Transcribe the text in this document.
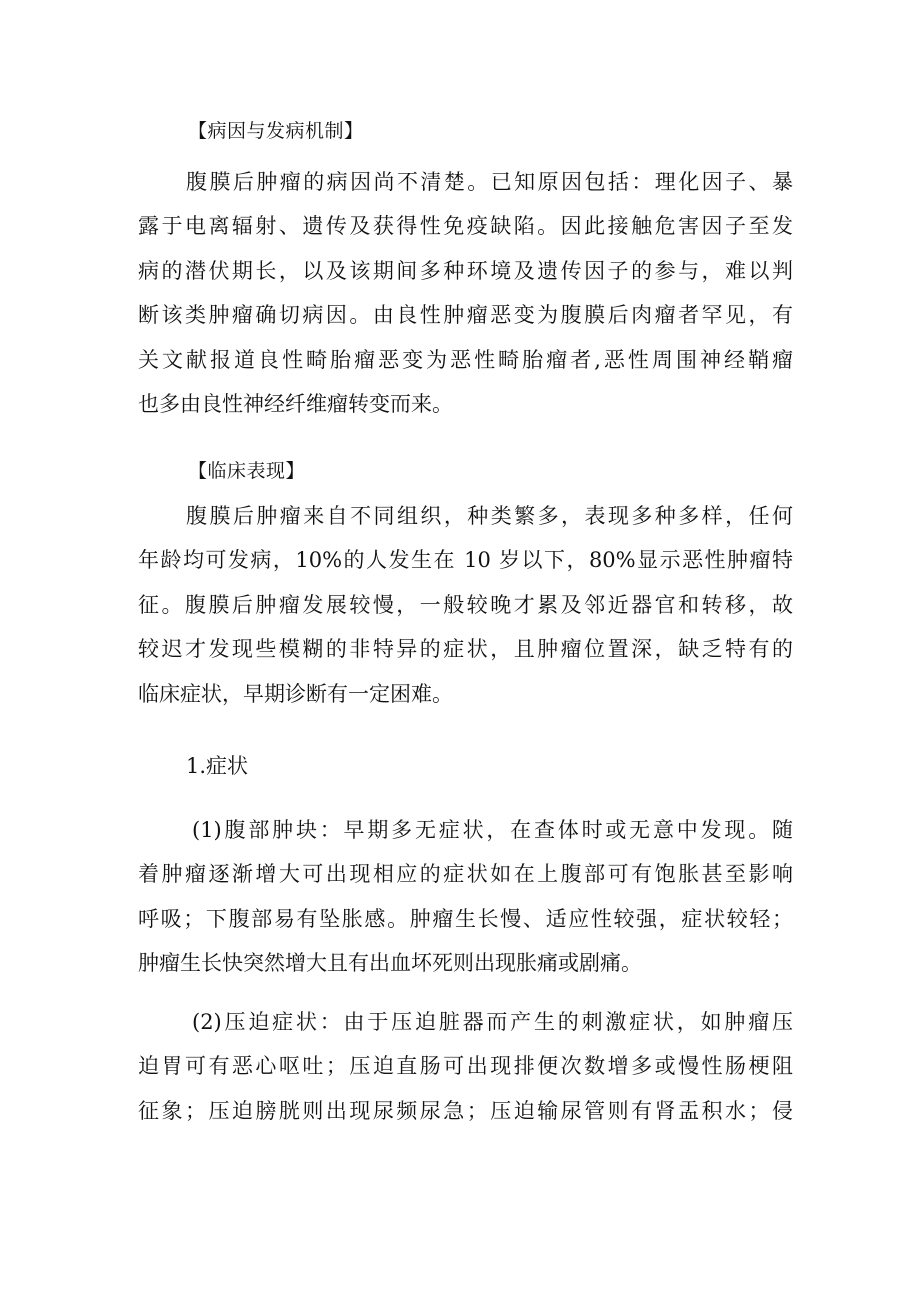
【病因与发病机制】
腹膜后肿瘤的病因尚不清楚。已知原因包括：理化因子、暴
露于电离辐射、遗传及获得性免疫缺陷。因此接触危害因子至发
病的潜伏期长，以及该期间多种环境及遗传因子的参与，难以判
断该类肿瘤确切病因。由良性肿瘤恶变为腹膜后肉瘤者罕见，有
关文献报道良性畸胎瘤恶变为恶性畸胎瘤者,恶性周围神经鞘瘤
也多由良性神经纤维瘤转变而来。
【临床表现】
腹膜后肿瘤来自不同组织，种类繁多，表现多种多样，任何
年龄均可发病，10%的人发生在 10 岁以下，80%显示恶性肿瘤特
征。腹膜后肿瘤发展较慢，一般较晚才累及邻近器官和转移，故
较迟才发现些模糊的非特异的症状，且肿瘤位置深，缺乏特有的
临床症状，早期诊断有一定困难。
1.症状
(1)腹部肿块：早期多无症状，在查体时或无意中发现。随
着肿瘤逐渐增大可出现相应的症状如在上腹部可有饱胀甚至影响
呼吸；下腹部易有坠胀感。肿瘤生长慢、适应性较强，症状较轻；
肿瘤生长快突然增大且有出血坏死则出现胀痛或剧痛。
(2)压迫症状：由于压迫脏器而产生的刺激症状，如肿瘤压
迫胃可有恶心呕吐；压迫直肠可出现排便次数增多或慢性肠梗阻
征象；压迫膀胱则出现尿频尿急；压迫输尿管则有肾盂积水；侵
